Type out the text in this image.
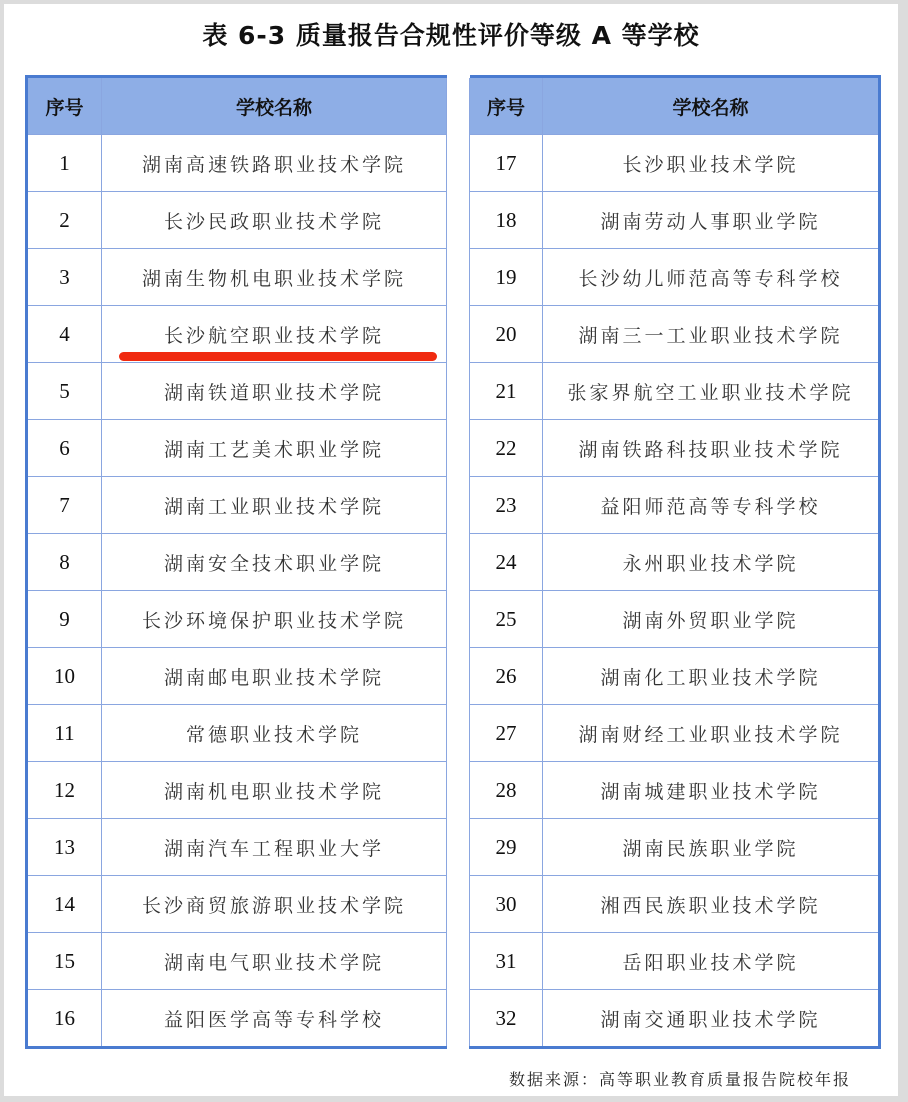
表 6-3 质量报告合规性评价等级 A 等学校
序号	学校名称		序号	学校名称
1	湖南高速铁路职业技术学院		17	长沙职业技术学院
2	长沙民政职业技术学院		18	湖南劳动人事职业学院
3	湖南生物机电职业技术学院		19	长沙幼儿师范高等专科学校
4	长沙航空职业技术学院		20	湖南三一工业职业技术学院
5	湖南铁道职业技术学院		21	张家界航空工业职业技术学院
6	湖南工艺美术职业学院		22	湖南铁路科技职业技术学院
7	湖南工业职业技术学院		23	益阳师范高等专科学校
8	湖南安全技术职业学院		24	永州职业技术学院
9	长沙环境保护职业技术学院		25	湖南外贸职业学院
10	湖南邮电职业技术学院		26	湖南化工职业技术学院
11	常德职业技术学院		27	湖南财经工业职业技术学院
12	湖南机电职业技术学院		28	湖南城建职业技术学院
13	湖南汽车工程职业大学		29	湖南民族职业学院
14	长沙商贸旅游职业技术学院		30	湘西民族职业技术学院
15	湖南电气职业技术学院		31	岳阳职业技术学院
16	益阳医学高等专科学校		32	湖南交通职业技术学院
数据来源：高等职业教育质量报告院校年报
